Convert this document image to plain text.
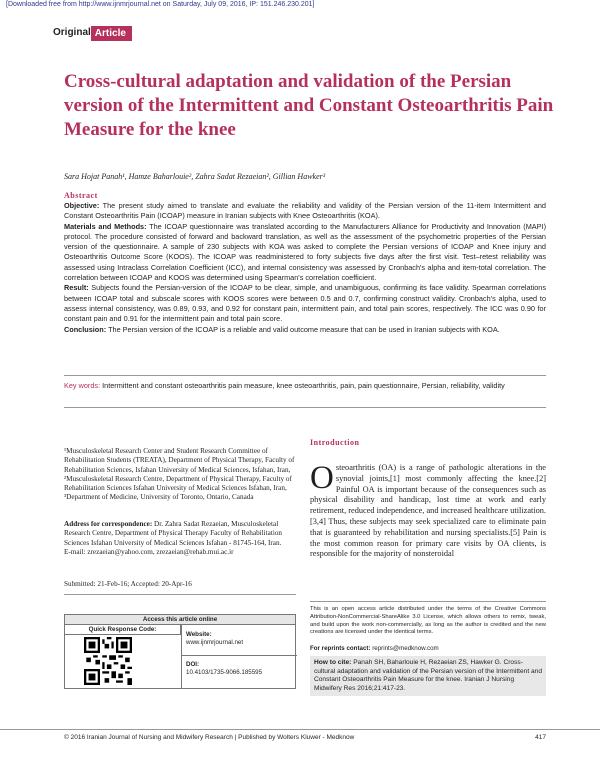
[Downloaded free from http://www.ijnmrjournal.net on Saturday, July 09, 2016, IP: 151.246.230.201]
Original Article
Cross-cultural adaptation and validation of the Persian version of the Intermittent and Constant Osteoarthritis Pain Measure for the knee
Sara Hojat Panah¹, Hamze Baharlouie², Zahra Sadat Rezaeian², Gillian Hawker³
Abstract

Objective: The present study aimed to translate and evaluate the reliability and validity of the Persian version of the 11-item Intermittent and Constant Osteoarthritis Pain (ICOAP) measure in Iranian subjects with Knee Osteoarthritis (KOA).

Materials and Methods: The ICOAP questionnaire was translated according to the Manufacturers Alliance for Productivity and Innovation (MAPI) protocol. The procedure consisted of forward and backward translation, as well as the assessment of the psychometric properties of the Persian version of the questionnaire. A sample of 230 subjects with KOA was asked to complete the Persian versions of ICOAP and Knee injury and Osteoarthritis Outcome Score (KOOS). The ICOAP was readministered to forty subjects five days after the first visit. Test–retest reliability was assessed using Intraclass Correlation Coefficient (ICC), and internal consistency was assessed by Cronbach's alpha and item-total correlation. The correlation between ICOAP and KOOS was determined using Spearman's correlation coefficient.

Result: Subjects found the Persian-version of the ICOAP to be clear, simple, and unambiguous, confirming its face validity. Spearman correlations between ICOAP total and subscale scores with KOOS scores were between 0.5 and 0.7, confirming construct validity. Cronbach's alpha, used to assess internal consistency, was 0.89, 0.93, and 0.92 for constant pain, intermittent pain, and total pain scores, respectively. The ICC was 0.90 for constant pain and 0.91 for the intermittent pain and total pain score.

Conclusion: The Persian version of the ICOAP is a reliable and valid outcome measure that can be used in Iranian subjects with KOA.

Key words: Intermittent and constant osteoarthritis pain measure, knee osteoarthritis, pain, pain questionnaire, Persian, reliability, validity
¹Musculoskeletal Research Center and Student Research Committee of Rehabilitation Students (TREATA), Department of Physical Therapy, Faculty of Rehabilitation Sciences, Isfahan University of Medical Sciences, Isfahan, Iran, ²Musculoskeletal Research Centre, Department of Physical Therapy, Faculty of Rehabilitation Sciences Isfahan University of Medical Sciences Isfahan, Iran, ³Department of Medicine, University of Toronto, Ontario, Canada
Address for correspondence: Dr. Zahra Sadat Rezaeian, Musculoskeletal Research Centre, Department of Physical Therapy Faculty of Rehabilitation Sciences Isfahan University of Medical Sciences Isfahan - 81745-164, Iran.
E-mail: zrezaeian@yahoo.com, zrezaeian@rehab.mui.ac.ir
Submitted: 21-Feb-16; Accepted: 20-Apr-16
Access this article online
Quick Response Code:
Website:
www.ijnmrjournal.net
DOI:
10.4103/1735-9066.185595
Introduction
Osteoarthritis (OA) is a range of pathologic alterations in the synovial joints,[1] most commonly affecting the knee.[2] Painful OA is important because of the consequences such as physical disability and handicap, lost time at work and early retirement, reduced independence, and increased healthcare utilization.[3,4] Thus, these subjects may seek specialized care to eliminate pain that is guaranteed by rehabilitation and nursing specialists.[5] Pain is the most common reason for primary care visits by OA clients, is responsible for the majority of nonsteroidal
This is an open access article distributed under the terms of the Creative Commons Attribution-NonCommercial-ShareAlike 3.0 License, which allows others to remix, tweak, and build upon the work non-commercially, as long as the author is credited and the new creations are licensed under the identical terms.
For reprints contact: reprints@medknow.com
How to cite: Panah SH, Baharlouie H, Rezaeian ZS, Hawker G. Cross-cultural adaptation and validation of the Persian version of the Intermittent and Constant Osteoarthritis Pain Measure for the knee. Iranian J Nursing Midwifery Res 2016;21:417-23.
© 2016 Iranian Journal of Nursing and Midwifery Research | Published by Wolters Kluwer - Medknow	417
